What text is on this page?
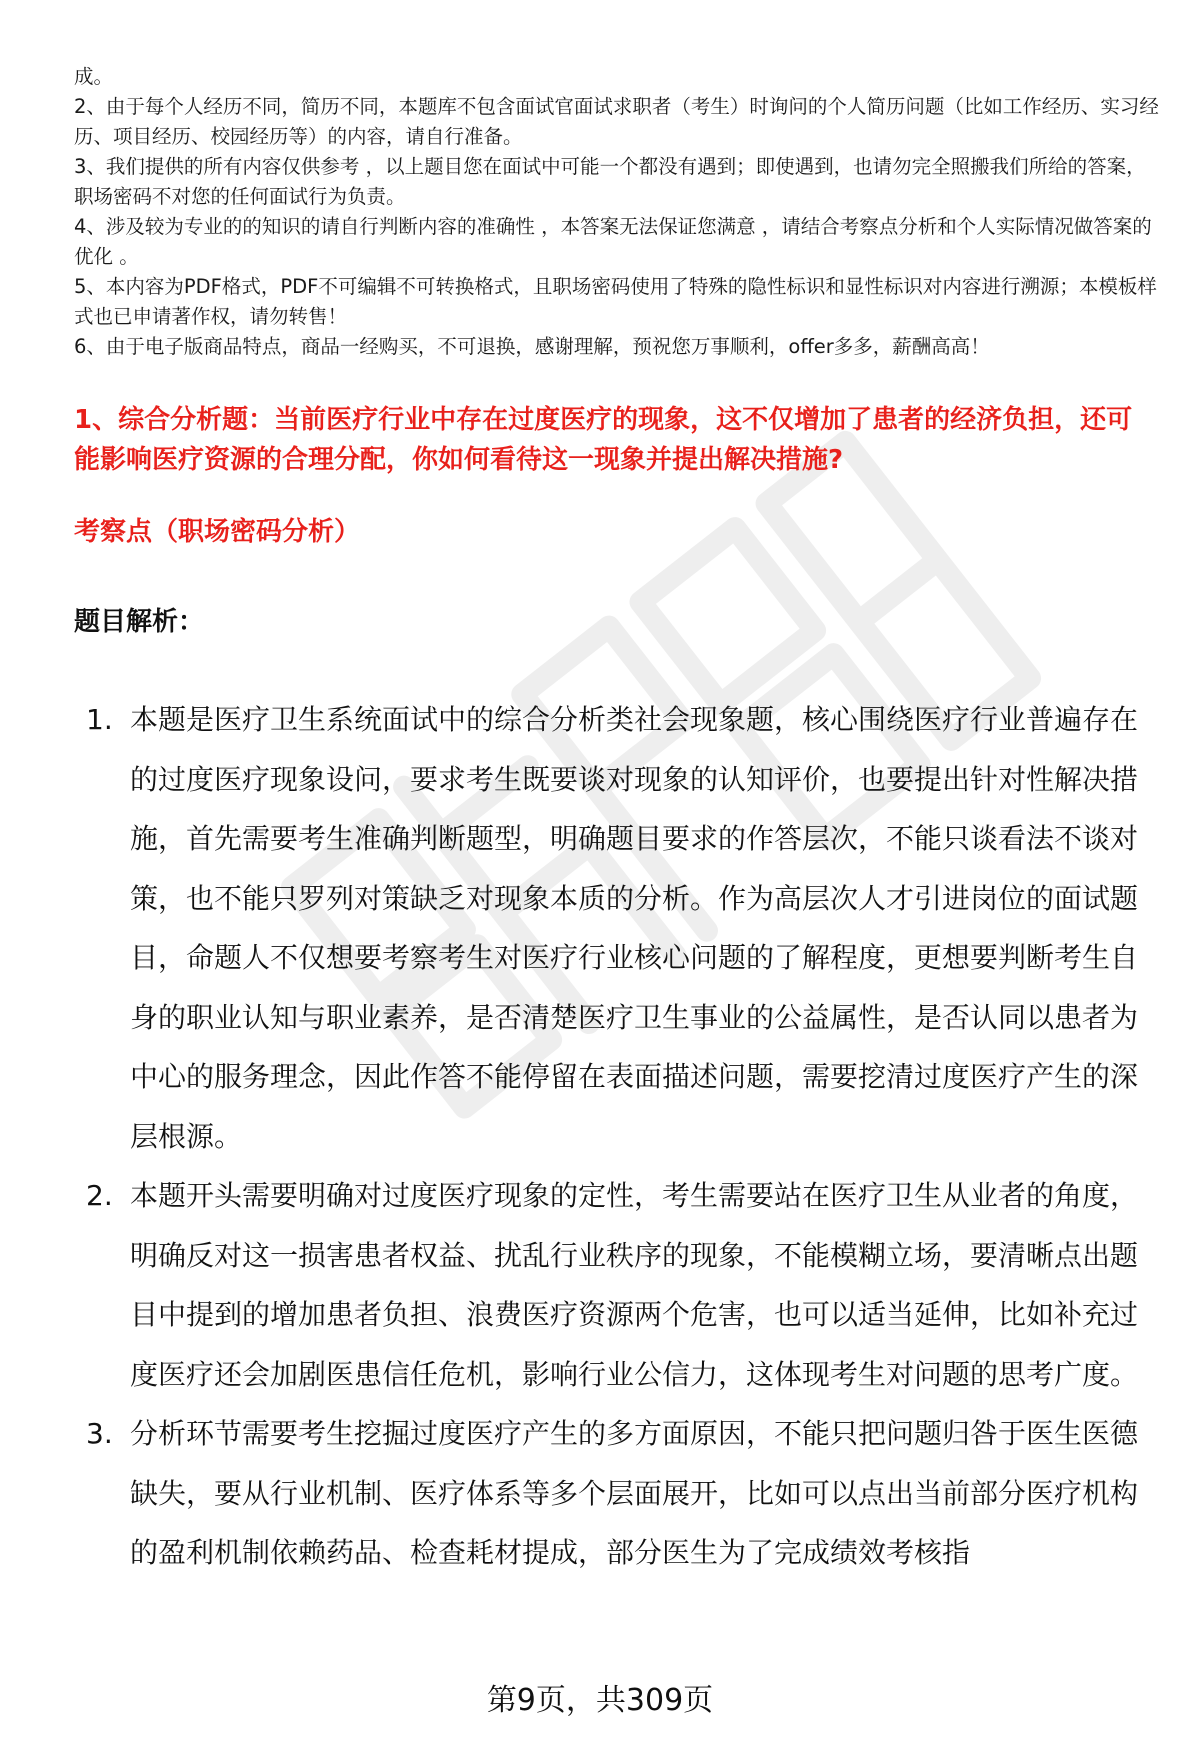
成。

2、由于每个人经历不同，简历不同，本题库不包含面试官面试求职者（考生）时询问的个人简历问题（比如工作经历、实习经历、项目经历、校园经历等）的内容，请自行准备。

3、我们提供的所有内容仅供参考 ，以上题目您在面试中可能一个都没有遇到；即使遇到，也请勿完全照搬我们所给的答案，职场密码不对您的任何面试行为负责。

4、涉及较为专业的的知识的请自行判断内容的准确性 ，本答案无法保证您满意 ，请结合考察点分析和个人实际情况做答案的优化 。

5、本内容为PDF格式，PDF不可编辑不可转换格式，且职场密码使用了特殊的隐性标识和显性标识对内容进行溯源；本模板样式也已申请著作权，请勿转售！

6、由于电子版商品特点，商品一经购买，不可退换，感谢理解，预祝您万事顺利，offer多多，薪酬高高！

1、综合分析题：当前医疗行业中存在过度医疗的现象，这不仅增加了患者的经济负担，还可能影响医疗资源的合理分配，你如何看待这一现象并提出解决措施?
考察点（职场密码分析）
题目解析：
1. 本题是医疗卫生系统面试中的综合分析类社会现象题，核心围绕医疗行业普遍存在的过度医疗现象设问，要求考生既要谈对现象的认知评价，也要提出针对性解决措施，首先需要考生准确判断题型，明确题目要求的作答层次，不能只谈看法不谈对策，也不能只罗列对策缺乏对现象本质的分析。作为高层次人才引进岗位的面试题目，命题人不仅想要考察考生对医疗行业核心问题的了解程度，更想要判断考生自身的职业认知与职业素养，是否清楚医疗卫生事业的公益属性，是否认同以患者为中心的服务理念，因此作答不能停留在表面描述问题，需要挖清过度医疗产生的深层根源。
2. 本题开头需要明确对过度医疗现象的定性，考生需要站在医疗卫生从业者的角度，明确反对这一损害患者权益、扰乱行业秩序的现象，不能模糊立场，要清晰点出题目中提到的增加患者负担、浪费医疗资源两个危害，也可以适当延伸，比如补充过度医疗还会加剧医患信任危机，影响行业公信力，这体现考生对问题的思考广度。
3. 分析环节需要考生挖掘过度医疗产生的多方面原因，不能只把问题归咎于医生医德缺失，要从行业机制、医疗体系等多个层面展开，比如可以点出当前部分医疗机构的盈利机制依赖药品、检查耗材提成，部分医生为了完成绩效考核指
第9页，共309页
